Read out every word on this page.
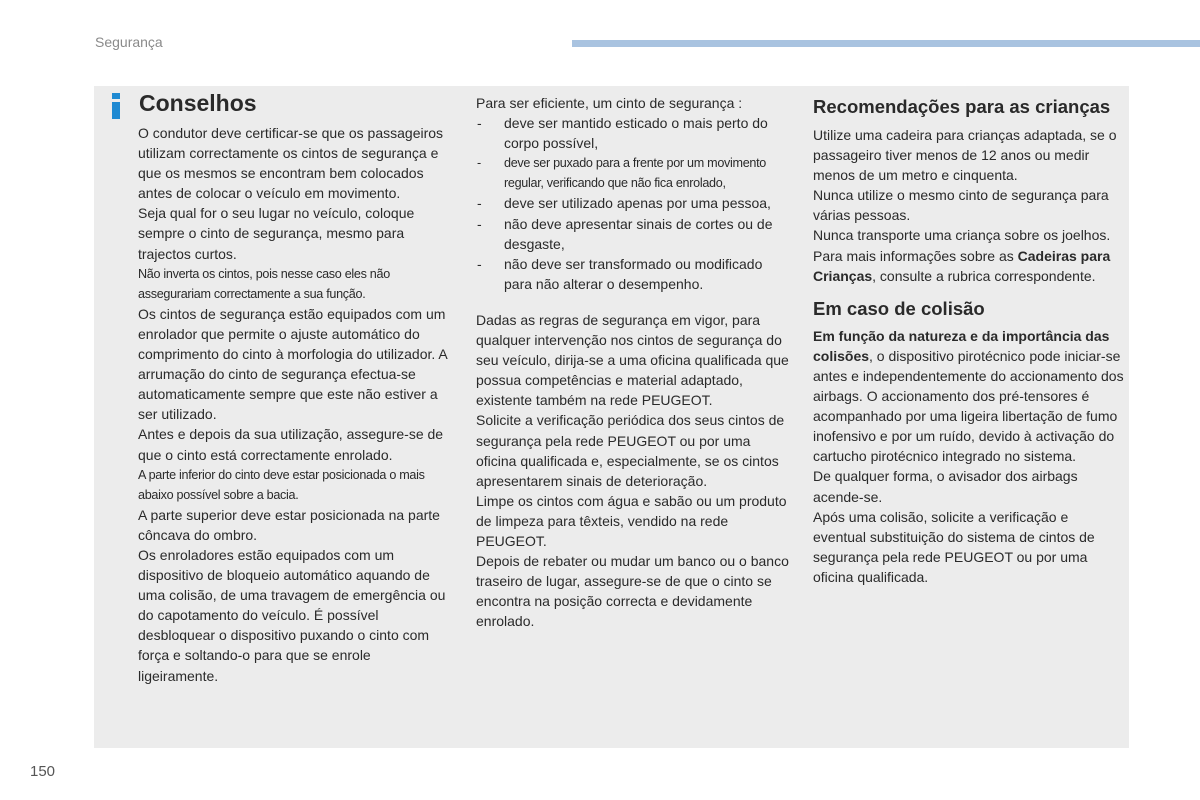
Segurança
Conselhos

O condutor deve certificar-se que os passageiros utilizam correctamente os cintos de segurança e que os mesmos se encontram bem colocados antes de colocar o veículo em movimento.

Seja qual for o seu lugar no veículo, coloque sempre o cinto de segurança, mesmo para trajectos curtos.

Não inverta os cintos, pois nesse caso eles não assegurariam correctamente a sua função.

Os cintos de segurança estão equipados com um enrolador que permite o ajuste automático do comprimento do cinto à morfologia do utilizador. A arrumação do cinto de segurança efectua-se automaticamente sempre que este não estiver a ser utilizado.

Antes e depois da sua utilização, assegure-se de que o cinto está correctamente enrolado.

A parte inferior do cinto deve estar posicionada o mais abaixo possível sobre a bacia.

A parte superior deve estar posicionada na parte côncava do ombro.

Os enroladores estão equipados com um dispositivo de bloqueio automático aquando de uma colisão, de uma travagem de emergência ou do capotamento do veículo. É possível desbloquear o dispositivo puxando o cinto com força e soltando-o para que se enrole ligeiramente.

Para ser eficiente, um cinto de segurança :

- deve ser mantido esticado o mais perto do corpo possível,
- deve ser puxado para a frente por um movimento regular, verificando que não fica enrolado,
- deve ser utilizado apenas por uma pessoa,
- não deve apresentar sinais de cortes ou de desgaste,
- não deve ser transformado ou modificado para não alterar o desempenho.

Dadas as regras de segurança em vigor, para qualquer intervenção nos cintos de segurança do seu veículo, dirija-se a uma oficina qualificada que possua competências e material adaptado, existente também na rede PEUGEOT.

Solicite a verificação periódica dos seus cintos de segurança pela rede PEUGEOT ou por uma oficina qualificada e, especialmente, se os cintos apresentarem sinais de deterioração.

Limpe os cintos com água e sabão ou um produto de limpeza para têxteis, vendido na rede PEUGEOT.

Depois de rebater ou mudar um banco ou o banco traseiro de lugar, assegure-se de que o cinto se encontra na posição correcta e devidamente enrolado.

Recomendações para as crianças

Utilize uma cadeira para crianças adaptada, se o passageiro tiver menos de 12 anos ou medir menos de um metro e cinquenta.

Nunca utilize o mesmo cinto de segurança para várias pessoas.

Nunca transporte uma criança sobre os joelhos.

Para mais informações sobre as Cadeiras para Crianças, consulte a rubrica correspondente.

Em caso de colisão

Em função da natureza e da importância das colisões, o dispositivo pirotécnico pode iniciar-se antes e independentemente do accionamento dos airbags. O accionamento dos pré-tensores é acompanhado por uma ligeira libertação de fumo inofensivo e por um ruído, devido à activação do cartucho pirotécnico integrado no sistema.

De qualquer forma, o avisador dos airbags acende-se.

Após uma colisão, solicite a verificação e eventual substituição do sistema de cintos de segurança pela rede PEUGEOT ou por uma oficina qualificada.

150
